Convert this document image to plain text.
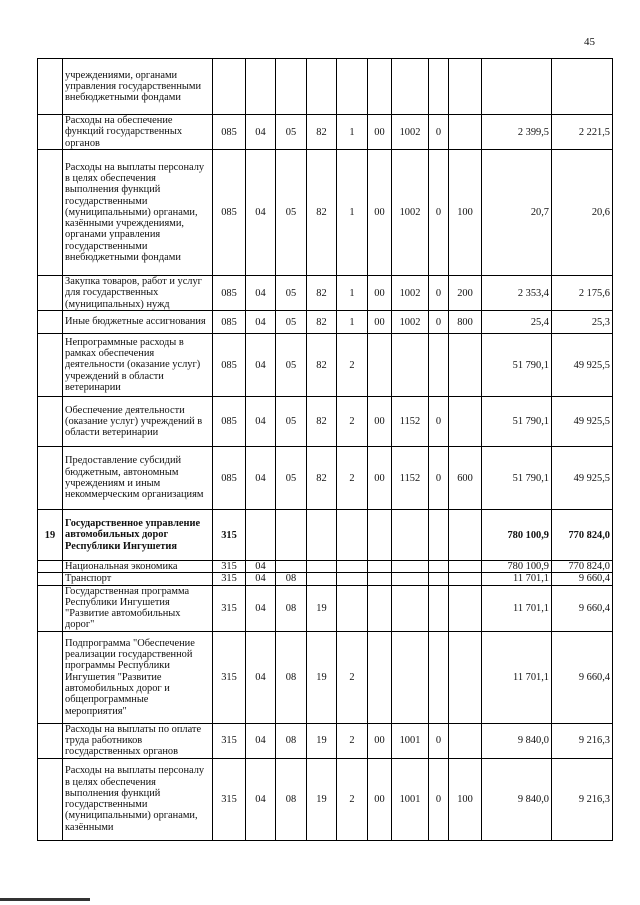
45
	учреждениями, органами управления государственными внебюджетными фондами											
	Расходы на обеспечение функций государственных органов	085	04	05	82	1	00	1002	0		2 399,5	2 221,5
	Расходы на выплаты персоналу в целях обеспечения выполнения функций государственными (муниципальными) органами, казёнными учреждениями, органами управления государственными внебюджетными фондами	085	04	05	82	1	00	1002	0	100	20,7	20,6
	Закупка товаров, работ и услуг для государственных (муниципальных) нужд	085	04	05	82	1	00	1002	0	200	2 353,4	2 175,6
	Иные бюджетные ассигнования	085	04	05	82	1	00	1002	0	800	25,4	25,3
	Непрограммные расходы в рамках обеспечения деятельности (оказание услуг) учреждений в области ветеринарии	085	04	05	82	2					51 790,1	49 925,5
	Обеспечение деятельности (оказание услуг) учреждений в области ветеринарии	085	04	05	82	2	00	1152	0		51 790,1	49 925,5
	Предоставление субсидий бюджетным, автономным учреждениям и иным некоммерческим организациям	085	04	05	82	2	00	1152	0	600	51 790,1	49 925,5
19	Государственное управление автомобильных дорог Республики Ингушетия	315									780 100,9	770 824,0
	Национальная экономика	315	04								780 100,9	770 824,0
	Транспорт	315	04	08							11 701,1	9 660,4
	Государственная программа Республики Ингушетия "Развитие автомобильных дорог"	315	04	08	19						11 701,1	9 660,4
	Подпрограмма "Обеспечение реализации государственной программы Республики Ингушетия "Развитие автомобильных дорог и общепрограммные мероприятия"	315	04	08	19	2					11 701,1	9 660,4
	Расходы на выплаты по оплате труда работников государственных органов	315	04	08	19	2	00	1001	0		9 840,0	9 216,3
	Расходы на выплаты персоналу в целях обеспечения выполнения функций государственными (муниципальными) органами, казёнными	315	04	08	19	2	00	1001	0	100	9 840,0	9 216,3
